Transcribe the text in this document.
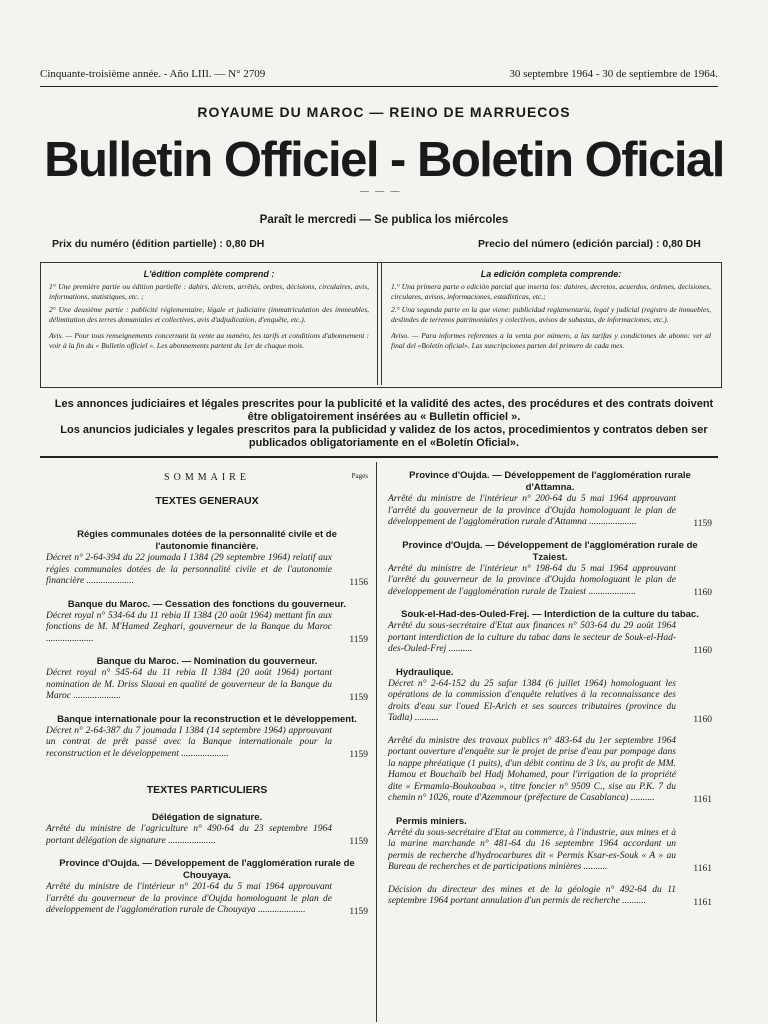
Cinquante-troisième année. - Año LIII. — N° 2709	30 septembre 1964 - 30 de septiembre de 1964.
ROYAUME DU MAROC — REINO DE MARRUECOS
Bulletin Officiel - Boletin Oficial
— — —
Paraît le mercredi — Se publica los miércoles
Prix du numéro (édition partielle) : 0,80 DH	Precio del número (edición parcial) : 0,80 DH

L'édition complète comprend :

1° Une première partie ou édition partielle : dahirs, décrets, arrêtés, ordres, décisions, circulaires, avis, informations, statistiques, etc. ;

2° Une deuxième partie : publicité réglementaire, légale et judiciaire (immatriculation des immeubles, délimitation des terres domaniales et collectives, avis d'adjudication, d'enquête, etc.).

Avis. — Pour tous renseignements concernant la vente au numéro, les tarifs et conditions d'abonnement : voir à la fin du « Bulletin officiel ». Les abonnements partent du 1er de chaque mois.

La edición completa comprende:

1.° Una primera parte o edición parcial que inserta los: dahires, decretos, acuerdos, órdenes, decisiones, circulares, avisos, informaciones, estadísticas, etc.;

2.° Una segunda parte en la que viene: publicidad reglamentaria, legal y judicial (registro de inmuebles, deslindes de terrenos patrimoniales y colectivos, avisos de subastas, de informaciones, etc.).

Aviso. — Para informes referentes a la venta por número, a las tarifas y condiciones de abono: ver al final del «Boletín oficial». Las suscripciones parten del primero de cada mes.

Les annonces judiciaires et légales prescrites pour la publicité et la validité des actes, des procédures et des contrats doivent être obligatoirement insérées au « Bulletin officiel ».
Los anuncios judiciales y legales prescritos para la publicidad y validez de los actos, procedimientos y contratos deben ser publicados obligatoriamente en el «Boletín Oficial».
SOMMAIRE	Pages

TEXTES GENERAUX

Régies communales dotées de la personnalité civile et de l'autonomie financière.
Décret n° 2-64-394 du 22 joumada I 1384 (29 septembre 1964) relatif aux régies communales dotées de la personnalité civile et de l'autonomie financière ....................	1156
Banque du Maroc. — Cessation des fonctions du gouverneur.
Décret royal n° 534-64 du 11 rebia II 1384 (20 août 1964) mettant fin aux fonctions de M. M'Hamed Zeghari, gouverneur de la Banque du Maroc ....................	1159
Banque du Maroc. — Nomination du gouverneur.
Décret royal n° 545-64 du 11 rebia II 1384 (20 août 1964) portant nomination de M. Driss Slaoui en qualité de gouverneur de la Banque du Maroc ....................	1159
Banque internationale pour la reconstruction et le développement.
Décret n° 2-64-387 du 7 joumada I 1384 (14 septembre 1964) approuvant un contrat de prêt passé avec la Banque internationale pour la reconstruction et le développement ....................	1159

TEXTES PARTICULIERS

Délégation de signature.
Arrêté du ministre de l'agriculture n° 490-64 du 23 septembre 1964 portant délégation de signature ....................	1159
Province d'Oujda. — Développement de l'agglomération rurale de Chouyaya.
Arrêté du ministre de l'intérieur n° 201-64 du 5 mai 1964 approuvant l'arrêté du gouverneur de la province d'Oujda homologuant le plan de développement de l'agglomération rurale de Chouyaya ....................	1159
Province d'Oujda. — Développement de l'agglomération rurale d'Attamna.
Arrêté du ministre de l'intérieur n° 200-64 du 5 mai 1964 approuvant l'arrêté du gouverneur de la province d'Oujda homologuant le plan de développement de l'agglomération rurale d'Attamna ....................	1159
Province d'Oujda. — Développement de l'agglomération rurale de Tzaiest.
Arrêté du ministre de l'intérieur n° 198-64 du 5 mai 1964 approuvant l'arrêté du gouverneur de la province d'Oujda homologuant le plan de développement de l'agglomération rurale de Tzaiest ....................	1160
Souk-el-Had-des-Ouled-Frej. — Interdiction de la culture du tabac.
Arrêté du sous-secrétaire d'Etat aux finances n° 503-64 du 29 août 1964 portant interdiction de la culture du tabac dans le secteur de Souk-el-Had-des-Ouled-Frej ..........	1160
Hydraulique.
Décret n° 2-64-152 du 25 safar 1384 (6 juillet 1964) homologuant les opérations de la commission d'enquête relatives à la reconnaissance des droits d'eau sur l'oued El-Arich et ses sources tributaires (province du Tadla) ..........	1160
Arrêté du ministre des travaux publics n° 483-64 du 1er septembre 1964 portant ouverture d'enquête sur le projet de prise d'eau par pompage dans la nappe phréatique (1 puits), d'un débit continu de 3 l/s, au profit de MM. Hamou et Bouchaïb bel Hadj Mohamed, pour l'irrigation de la propriété dite « Ermamla-Boukoubaa », titre foncier n° 9509 C., sise au P.K. 7 du chemin n° 1026, route d'Azemmour (préfecture de Casablanca) ..........	1161
Permis miniers.
Arrêté du sous-secrétaire d'Etat au commerce, à l'industrie, aux mines et à la marine marchande n° 481-64 du 16 septembre 1964 accordant un permis de recherche d'hydrocarbures dit « Permis Ksar-es-Souk « A » au Bureau de recherches et de participations minières ..........	1161
Décision du directeur des mines et de la géologie n° 492-64 du 11 septembre 1964 portant annulation d'un permis de recherche ..........	1161
